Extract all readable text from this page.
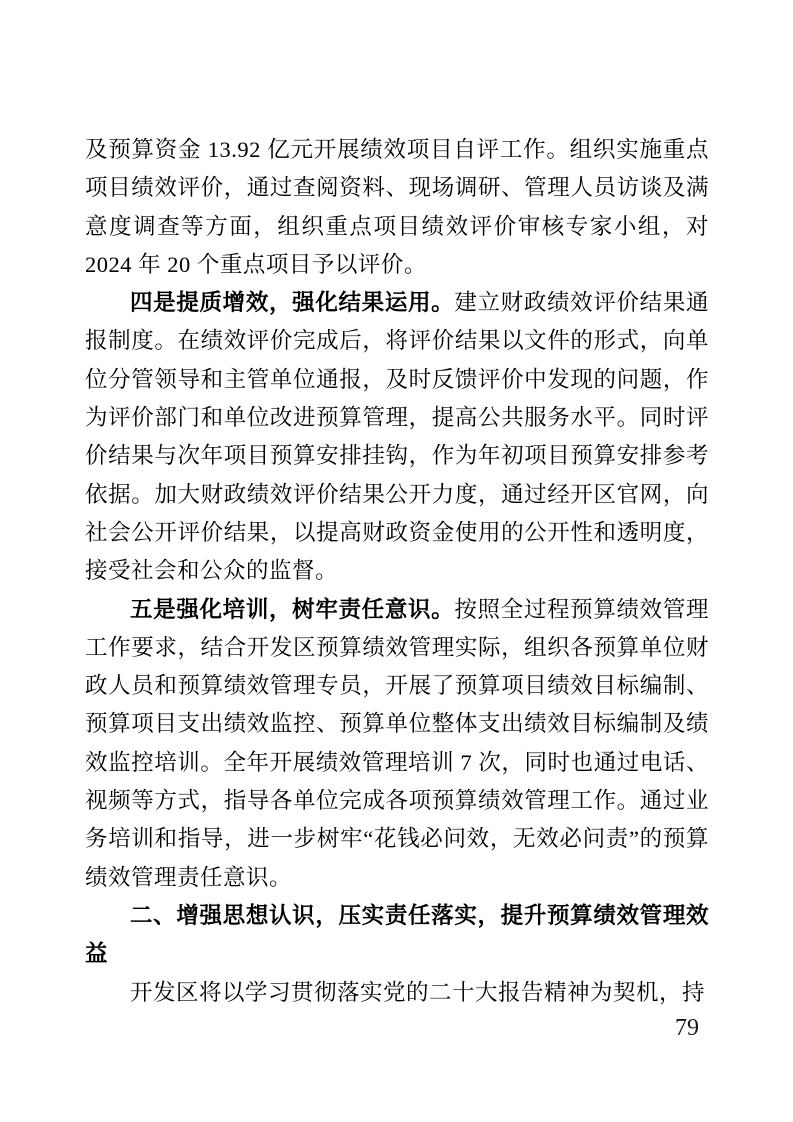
及预算资金 13.92 亿元开展绩效项目自评工作。组织实施重点项目绩效评价，通过查阅资料、现场调研、管理人员访谈及满意度调查等方面，组织重点项目绩效评价审核专家小组，对 2024 年 20 个重点项目予以评价。

四是提质增效，强化结果运用。建立财政绩效评价结果通报制度。在绩效评价完成后，将评价结果以文件的形式，向单位分管领导和主管单位通报，及时反馈评价中发现的问题，作为评价部门和单位改进预算管理，提高公共服务水平。同时评价结果与次年项目预算安排挂钩，作为年初项目预算安排参考依据。加大财政绩效评价结果公开力度，通过经开区官网，向社会公开评价结果，以提高财政资金使用的公开性和透明度，接受社会和公众的监督。

五是强化培训，树牢责任意识。按照全过程预算绩效管理工作要求，结合开发区预算绩效管理实际，组织各预算单位财政人员和预算绩效管理专员，开展了预算项目绩效目标编制、预算项目支出绩效监控、预算单位整体支出绩效目标编制及绩效监控培训。全年开展绩效管理培训 7 次，同时也通过电话、视频等方式，指导各单位完成各项预算绩效管理工作。通过业务培训和指导，进一步树牢“花钱必问效，无效必问责”的预算绩效管理责任意识。

二、增强思想认识，压实责任落实，提升预算绩效管理效益

开发区将以学习贯彻落实党的二十大报告精神为契机，持

79
